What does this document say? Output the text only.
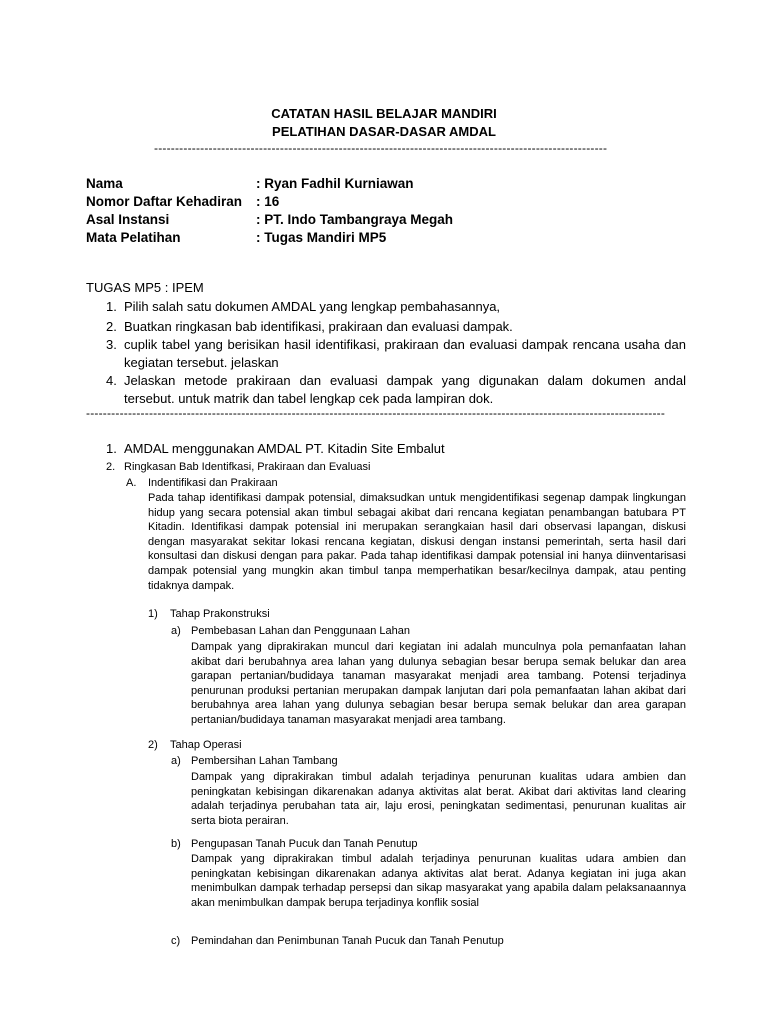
CATATAN HASIL BELAJAR MANDIRI
PELATIHAN DASAR-DASAR AMDAL
------------------------------------------------------------------------------------------------------------
Nama	: Ryan Fadhil Kurniawan
Nomor Daftar Kehadiran	: 16
Asal Instansi	: PT. Indo Tambangraya Megah
Mata Pelatihan	: Tugas Mandiri MP5
TUGAS MP5 : IPEM
1. Pilih salah satu dokumen AMDAL yang lengkap pembahasannya,
2. Buatkan ringkasan bab identifikasi, prakiraan dan evaluasi dampak.
3. cuplik tabel yang berisikan hasil identifikasi, prakiraan dan evaluasi dampak rencana usaha dan kegiatan tersebut. jelaskan
4. Jelaskan metode prakiraan dan evaluasi dampak yang digunakan dalam dokumen andal tersebut. untuk matrik dan tabel lengkap cek pada lampiran dok.
------------------------------------------------------------------------------------------------------------------------------------------
1. AMDAL menggunakan AMDAL PT. Kitadin Site Embalut
2. Ringkasan Bab Identifkasi, Prakiraan dan Evaluasi
A. Indentifikasi dan Prakiraan
Pada tahap identifikasi dampak potensial, dimaksudkan untuk mengidentifikasi segenap dampak lingkungan hidup yang secara potensial akan timbul sebagai akibat dari rencana kegiatan penambangan batubara PT Kitadin. Identifikasi dampak potensial ini merupakan serangkaian hasil dari observasi lapangan, diskusi dengan masyarakat sekitar lokasi rencana kegiatan, diskusi dengan instansi pemerintah, serta hasil dari konsultasi dan diskusi dengan para pakar. Pada tahap identifikasi dampak potensial ini hanya diinventarisasi dampak potensial yang mungkin akan timbul tanpa memperhatikan besar/kecilnya dampak, atau penting tidaknya dampak.
1) Tahap Prakonstruksi
a) Pembebasan Lahan dan Penggunaan Lahan
Dampak yang diprakirakan muncul dari kegiatan ini adalah munculnya pola pemanfaatan lahan akibat dari berubahnya area lahan yang dulunya sebagian besar berupa semak belukar dan area garapan pertanian/budidaya tanaman masyarakat menjadi area tambang. Potensi terjadinya penurunan produksi pertanian merupakan dampak lanjutan dari pola pemanfaatan lahan akibat dari berubahnya area lahan yang dulunya sebagian besar berupa semak belukar dan area garapan pertanian/budidaya tanaman masyarakat menjadi area tambang.
2) Tahap Operasi
a) Pembersihan Lahan Tambang
Dampak yang diprakirakan timbul adalah terjadinya penurunan kualitas udara ambien dan peningkatan kebisingan dikarenakan adanya aktivitas alat berat. Akibat dari aktivitas land clearing adalah terjadinya perubahan tata air, laju erosi, peningkatan sedimentasi, penurunan kualitas air serta biota perairan.
b) Pengupasan Tanah Pucuk dan Tanah Penutup
Dampak yang diprakirakan timbul adalah terjadinya penurunan kualitas udara ambien dan peningkatan kebisingan dikarenakan adanya aktivitas alat berat. Adanya kegiatan ini juga akan menimbulkan dampak terhadap persepsi dan sikap masyarakat yang apabila dalam pelaksanaannya akan menimbulkan dampak berupa terjadinya konflik sosial
c) Pemindahan dan Penimbunan Tanah Pucuk dan Tanah Penutup
